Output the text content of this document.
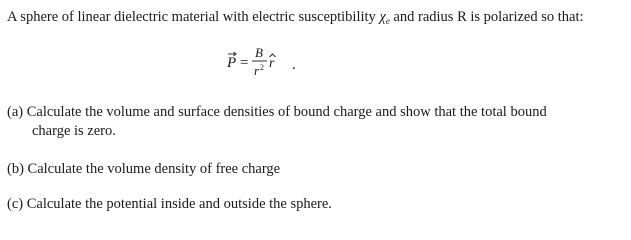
A sphere of linear dielectric material with electric susceptibility $\chi_e$ and radius R is polarized so that:

P =
B
r 2 r .

(a) Calculate the volume and surface densities of bound charge and show that the total bound
charge is zero.

(b) Calculate the volume density of free charge

(c) Calculate the potential inside and outside the sphere.
